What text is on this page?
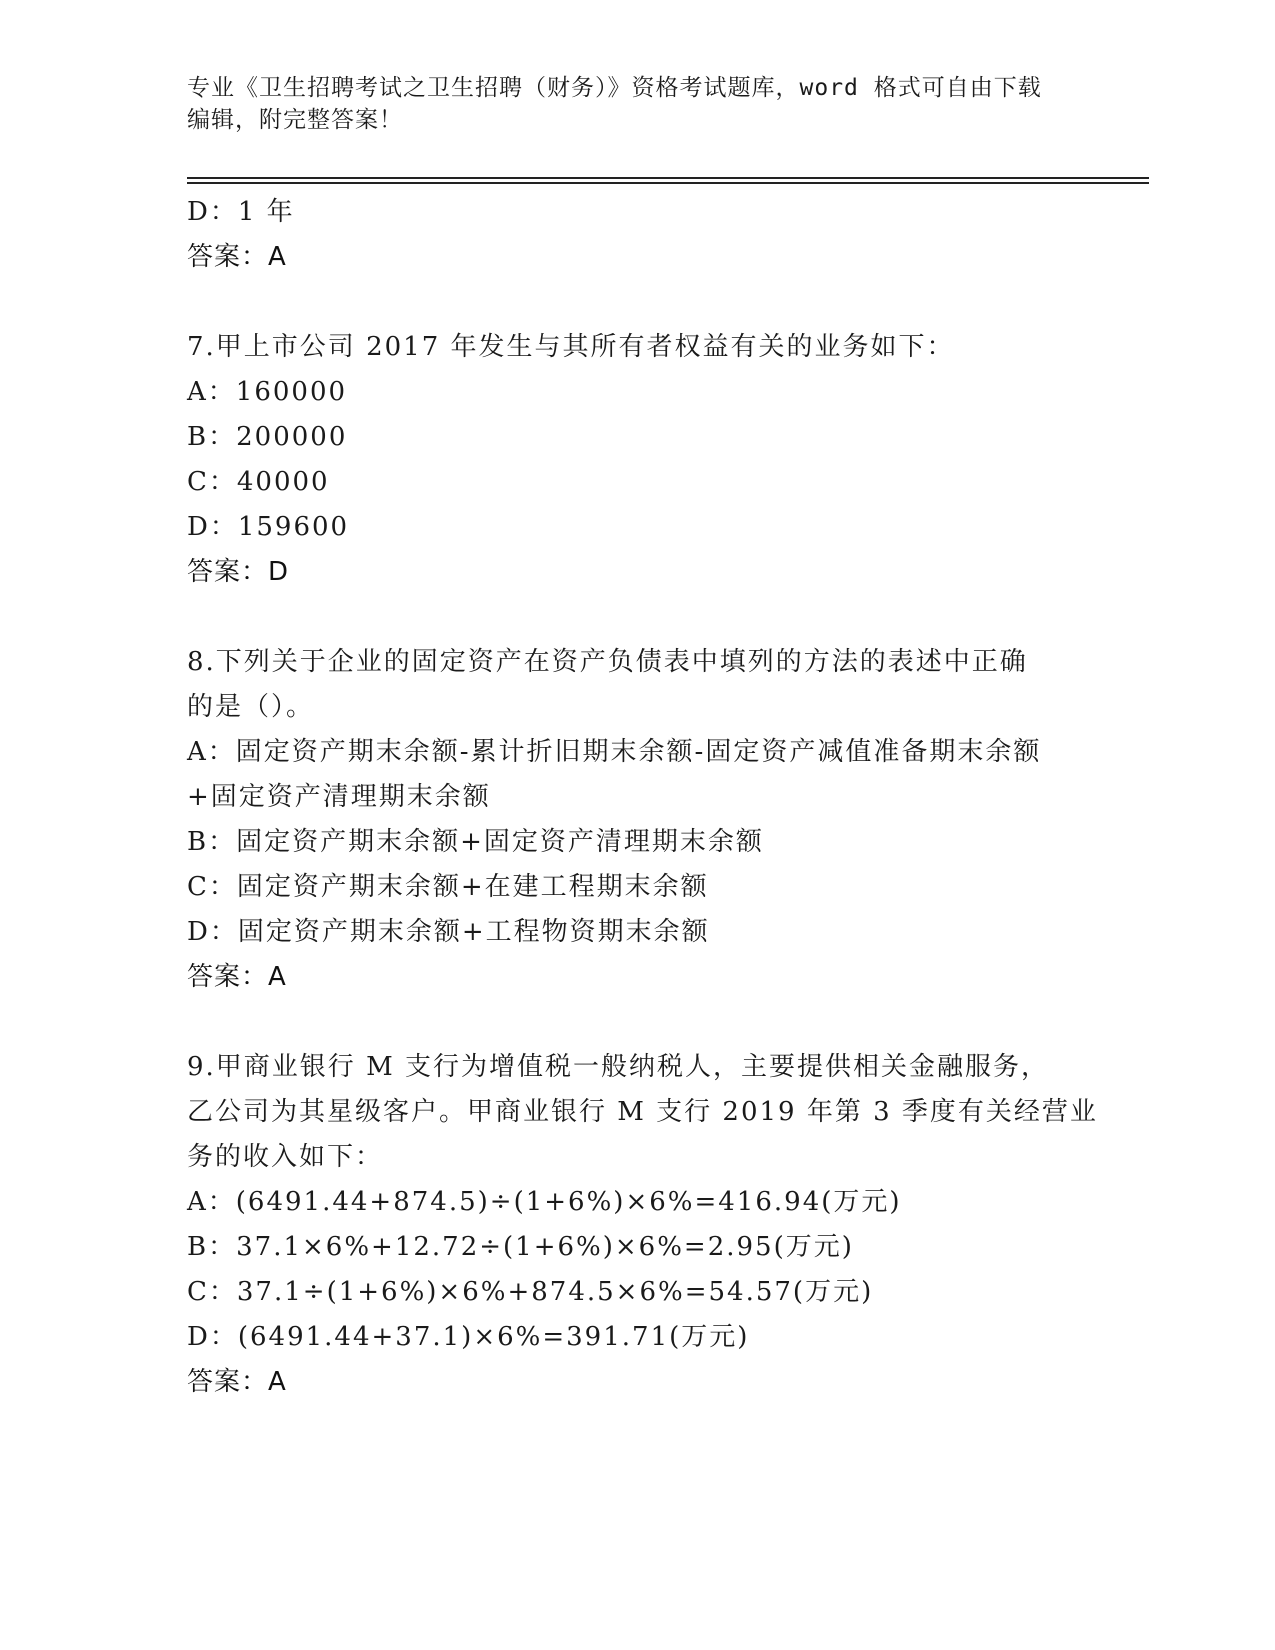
专业《卫生招聘考试之卫生招聘（财务）》资格考试题库，word 格式可自由下载
编辑，附完整答案！
D：1 年
答案：A
7.甲上市公司 2017 年发生与其所有者权益有关的业务如下：
A：160000
B：200000
C：40000
D：159600
答案：D
8.下列关于企业的固定资产在资产负债表中填列的方法的表述中正确
的是（）。
A：固定资产期末余额-累计折旧期末余额-固定资产减值准备期末余额
+固定资产清理期末余额
B：固定资产期末余额+固定资产清理期末余额
C：固定资产期末余额+在建工程期末余额
D：固定资产期末余额+工程物资期末余额
答案：A
9.甲商业银行 M 支行为增值税一般纳税人，主要提供相关金融服务，
乙公司为其星级客户。甲商业银行 M 支行 2019 年第 3 季度有关经营业
务的收入如下：
A：(6491.44+874.5)÷(1+6%)×6%=416.94(万元)
B：37.1×6%+12.72÷(1+6%)×6%=2.95(万元)
C：37.1÷(1+6%)×6%+874.5×6%=54.57(万元)
D：(6491.44+37.1)×6%=391.71(万元)
答案：A
